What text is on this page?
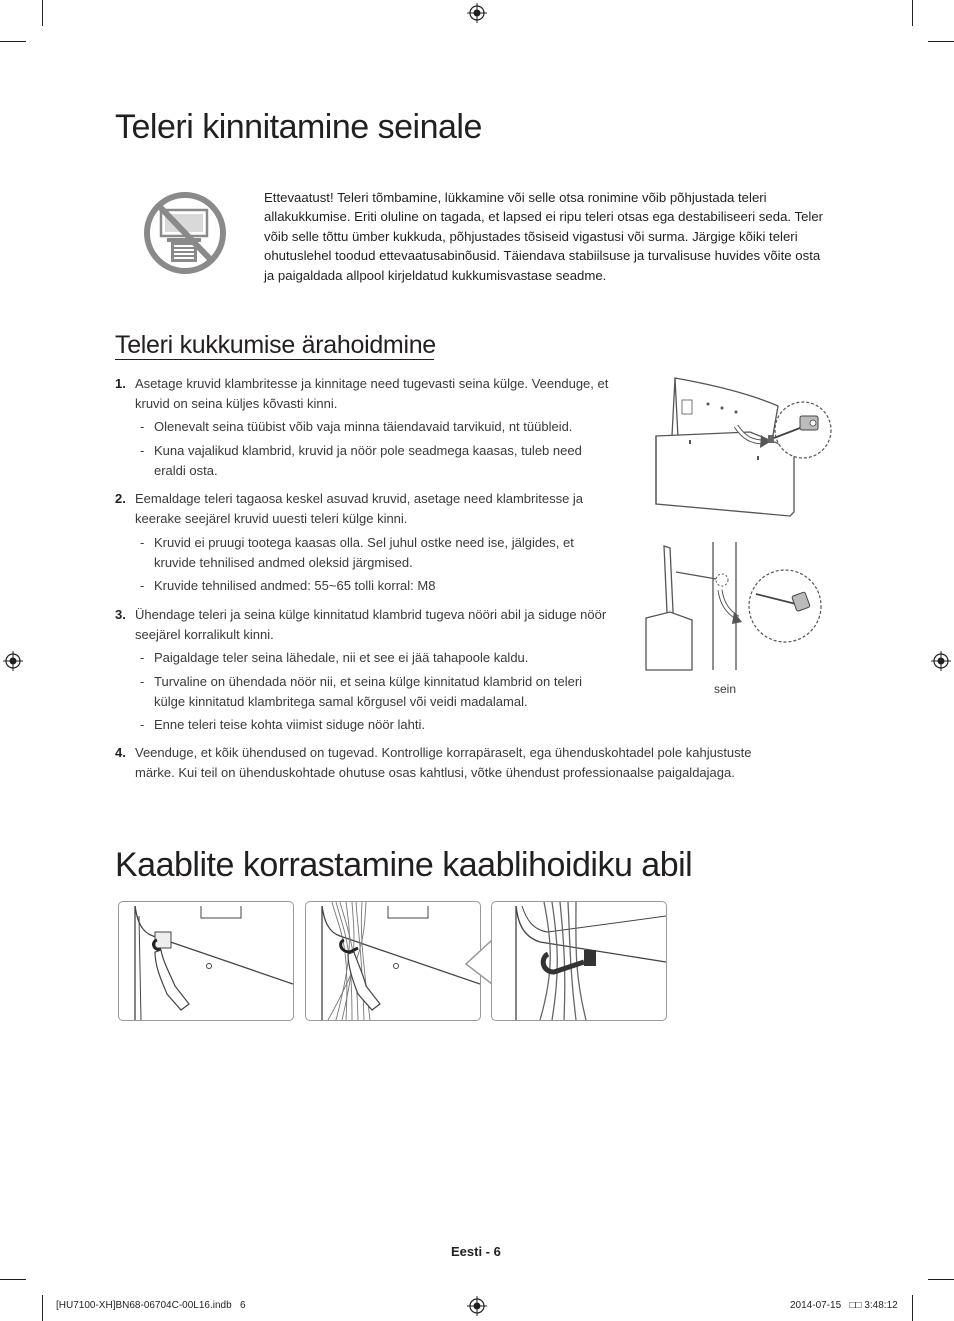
Teleri kinnitamine seinale
Ettevaatust! Teleri tõmbamine, lükkamine või selle otsa ronimine võib põhjustada teleri allakukkumise. Eriti oluline on tagada, et lapsed ei ripu teleri otsas ega destabiliseeri seda. Teler võib selle tõttu ümber kukkuda, põhjustades tõsiseid vigastusi või surma. Järgige kõiki teleri ohutuslehel toodud ettevaatusabinõusid. Täiendava stabiilsuse ja turvalisuse huvides võite osta ja paigaldada allpool kirjeldatud kukkumisvastase seadme.
Teleri kukkumise ärahoidmine
1. Asetage kruvid klambritesse ja kinnitage need tugevasti seina külge. Veenduge, et kruvid on seina küljes kõvasti kinni.
- Olenevalt seina tüübist võib vaja minna täiendavaid tarvikuid, nt tüübleid.
- Kuna vajalikud klambrid, kruvid ja nöör pole seadmega kaasas, tuleb need eraldi osta.
2. Eemaldage teleri tagaosa keskel asuvad kruvid, asetage need klambritesse ja keerake seejärel kruvid uuesti teleri külge kinni.
- Kruvid ei pruugi tootega kaasas olla. Sel juhul ostke need ise, jälgides, et kruvide tehnilised andmed oleksid järgmised.
- Kruvide tehnilised andmed: 55~65 tolli korral: M8
3. Ühendage teleri ja seina külge kinnitatud klambrid tugeva nööri abil ja siduge nöör seejärel korralikult kinni.
- Paigaldage teler seina lähedale, nii et see ei jää tahapoole kaldu.
- Turvaline on ühendada nöör nii, et seina külge kinnitatud klambrid on teleri külge kinnitatud klambritega samal kõrgusel või veidi madalamal.
- Enne teleri teise kohta viimist siduge nöör lahti.
4. Veenduge, et kõik ühendused on tugevad. Kontrollige korrapäraselt, ega ühenduskohtadel pole kahjustuste märke. Kui teil on ühenduskohtade ohutuse osas kahtlusi, võtke ühendust professionaalse paigaldajaga.
sein
Kaablite korrastamine kaablihoidiku abil
Eesti - 6
[HU7100-XH]BN68-06704C-00L16.indb   6	2014-07-15   □□ 3:48:12
